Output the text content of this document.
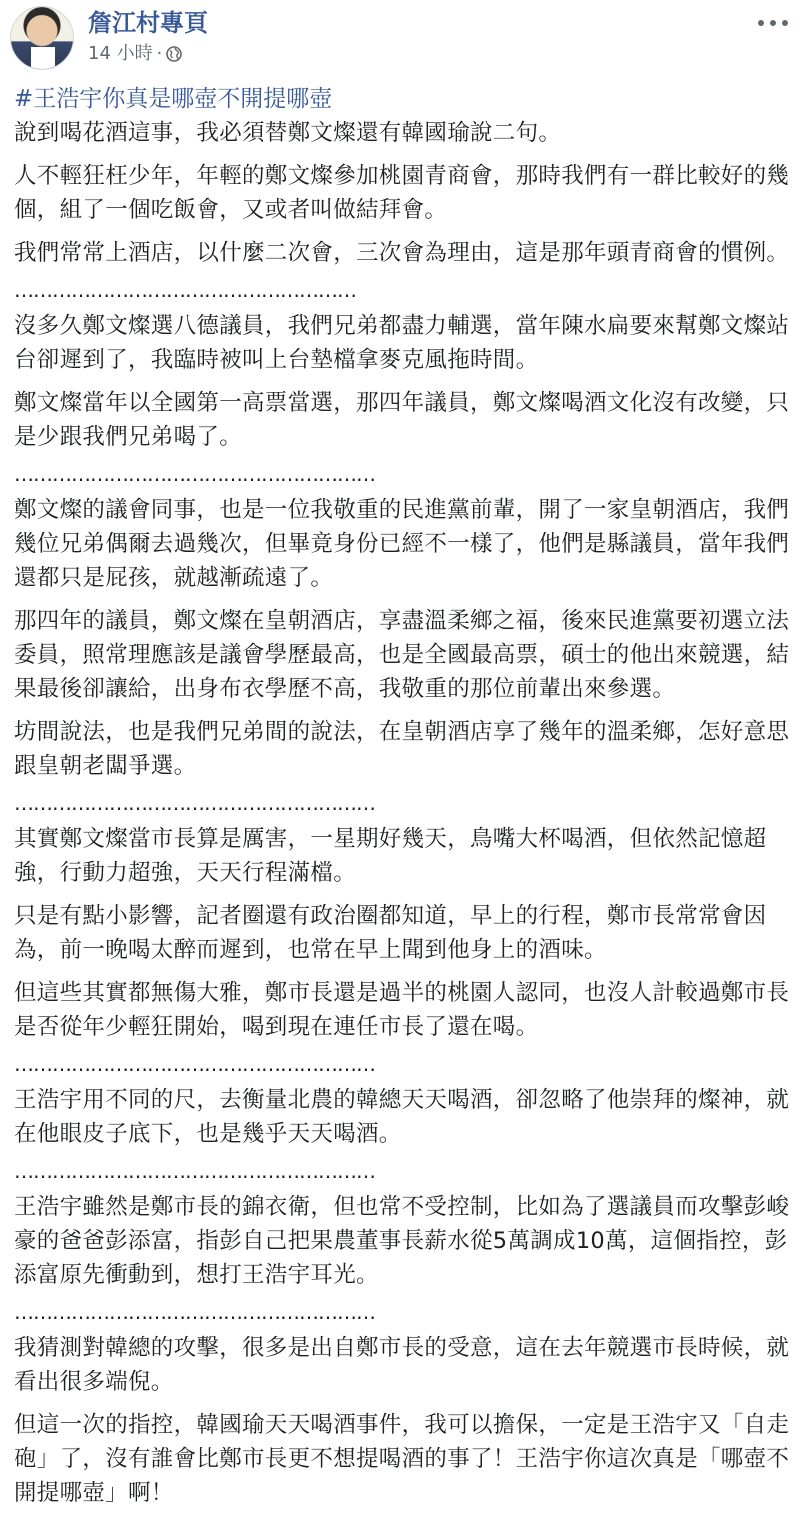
詹江村專頁
14 小時 ·

#王浩宇你真是哪壺不開提哪壺

說到喝花酒這事，我必須替鄭文燦還有韓國瑜說二句。

人不輕狂枉少年，年輕的鄭文燦參加桃園青商會，那時我們有一群比較好的幾個，組了一個吃飯會，又或者叫做結拜會。

我們常常上酒店，以什麼二次會，三次會為理由，這是那年頭青商會的慣例。

………………………………………………

沒多久鄭文燦選八德議員，我們兄弟都盡力輔選，當年陳水扁要來幫鄭文燦站台卻遲到了，我臨時被叫上台墊檔拿麥克風拖時間。

鄭文燦當年以全國第一高票當選，那四年議員，鄭文燦喝酒文化沒有改變，只是少跟我們兄弟喝了。

…………………………………………………

鄭文燦的議會同事，也是一位我敬重的民進黨前輩，開了一家皇朝酒店，我們幾位兄弟偶爾去過幾次，但畢竟身份已經不一樣了，他們是縣議員，當年我們還都只是屁孩，就越漸疏遠了。

那四年的議員，鄭文燦在皇朝酒店，享盡溫柔鄉之福，後來民進黨要初選立法委員，照常理應該是議會學歷最高，也是全國最高票，碩士的他出來競選，結果最後卻讓給，出身布衣學歷不高，我敬重的那位前輩出來參選。

坊間說法，也是我們兄弟間的說法，在皇朝酒店享了幾年的溫柔鄉，怎好意思跟皇朝老闆爭選。

…………………………………………………

其實鄭文燦當市長算是厲害，一星期好幾天，鳥嘴大杯喝酒，但依然記憶超強，行動力超強，天天行程滿檔。

只是有點小影響，記者圈還有政治圈都知道，早上的行程，鄭市長常常會因為，前一晚喝太醉而遲到，也常在早上聞到他身上的酒味。

但這些其實都無傷大雅，鄭市長還是過半的桃園人認同，也沒人計較過鄭市長是否從年少輕狂開始，喝到現在連任市長了還在喝。

…………………………………………………

王浩宇用不同的尺，去衡量北農的韓總天天喝酒，卻忽略了他崇拜的燦神，就在他眼皮子底下，也是幾乎天天喝酒。

…………………………………………………

王浩宇雖然是鄭市長的錦衣衛，但也常不受控制，比如為了選議員而攻擊彭峻豪的爸爸彭添富，指彭自己把果農董事長薪水從5萬調成10萬，這個指控，彭添富原先衝動到，想打王浩宇耳光。

…………………………………………………

我猜測對韓總的攻擊，很多是出自鄭市長的受意，這在去年競選市長時候，就看出很多端倪。

但這一次的指控，韓國瑜天天喝酒事件，我可以擔保，一定是王浩宇又「自走砲」了，沒有誰會比鄭市長更不想提喝酒的事了！王浩宇你這次真是「哪壺不開提哪壺」啊！
